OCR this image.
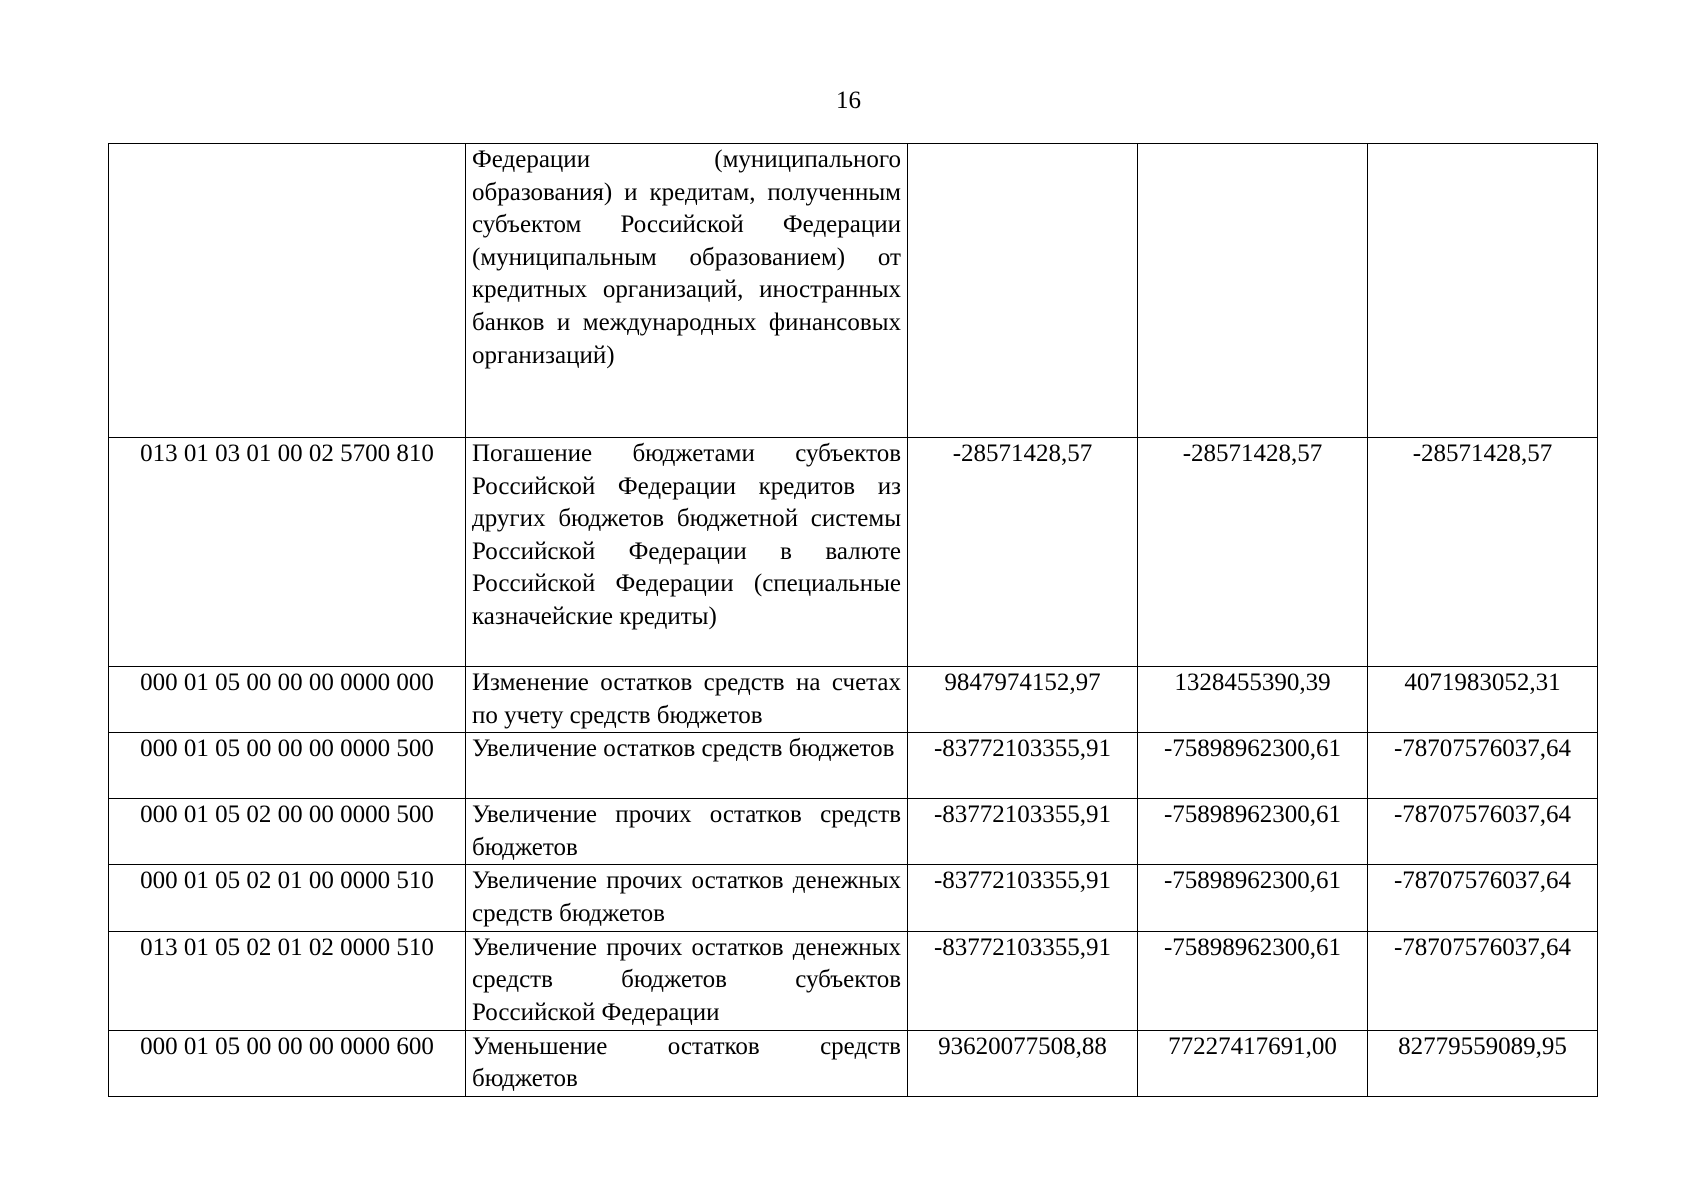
16
	Федерации (муниципального образования) и кредитам, полученным субъектом Российской Федерации (муниципальным образованием) от кредитных организаций, иностранных банков и международных финансовых организаций)			
013 01 03 01 00 02 5700 810	Погашение бюджетами субъектов Российской Федерации кредитов из других бюджетов бюджетной системы Российской Федерации в валюте Российской Федерации (специальные казначейские кредиты)	-28571428,57	-28571428,57	-28571428,57
000 01 05 00 00 00 0000 000	Изменение остатков средств на счетах по учету средств бюджетов	9847974152,97	1328455390,39	4071983052,31
000 01 05 00 00 00 0000 500	Увеличение остатков средств бюджетов	-83772103355,91	-75898962300,61	-78707576037,64
000 01 05 02 00 00 0000 500	Увеличение прочих остатков средств бюджетов	-83772103355,91	-75898962300,61	-78707576037,64
000 01 05 02 01 00 0000 510	Увеличение прочих остатков денежных средств бюджетов	-83772103355,91	-75898962300,61	-78707576037,64
013 01 05 02 01 02 0000 510	Увеличение прочих остатков денежных средств бюджетов субъектов Российской Федерации	-83772103355,91	-75898962300,61	-78707576037,64
000 01 05 00 00 00 0000 600	Уменьшение остатков средств бюджетов	93620077508,88	77227417691,00	82779559089,95
